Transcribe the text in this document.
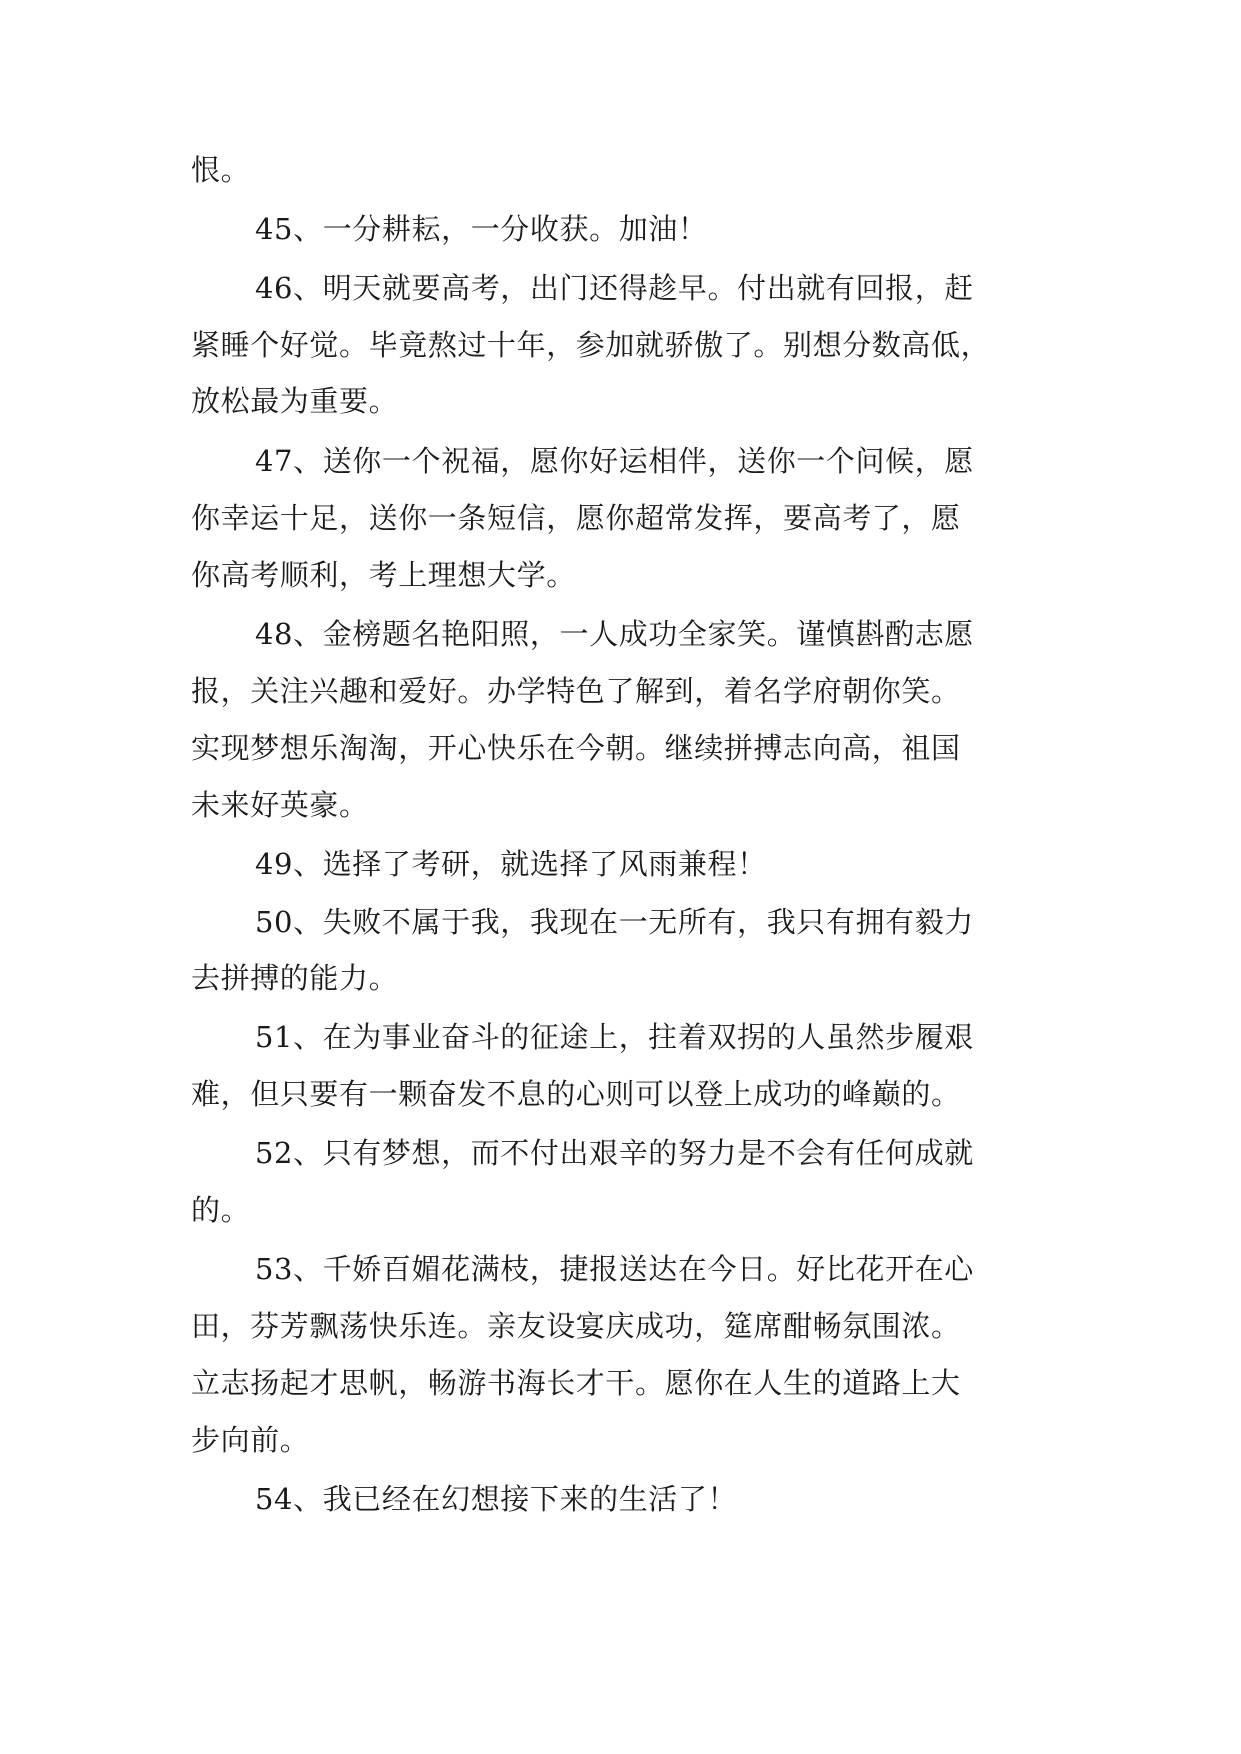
恨。
45、一分耕耘，一分收获。加油！
46、明天就要高考，出门还得趁早。付出就有回报，赶
紧睡个好觉。毕竟熬过十年，参加就骄傲了。别想分数高低，
放松最为重要。
47、送你一个祝福，愿你好运相伴，送你一个问候，愿
你幸运十足，送你一条短信，愿你超常发挥，要高考了，愿
你高考顺利，考上理想大学。
48、金榜题名艳阳照，一人成功全家笑。谨慎斟酌志愿
报，关注兴趣和爱好。办学特色了解到，着名学府朝你笑。
实现梦想乐淘淘，开心快乐在今朝。继续拼搏志向高，祖国
未来好英豪。
49、选择了考研，就选择了风雨兼程！
50、失败不属于我，我现在一无所有，我只有拥有毅力
去拼搏的能力。
51、在为事业奋斗的征途上，拄着双拐的人虽然步履艰
难，但只要有一颗奋发不息的心则可以登上成功的峰巅的。
52、只有梦想，而不付出艰辛的努力是不会有任何成就
的。
53、千娇百媚花满枝，捷报送达在今日。好比花开在心
田，芬芳飘荡快乐连。亲友设宴庆成功，筵席酣畅氛围浓。
立志扬起才思帆，畅游书海长才干。愿你在人生的道路上大
步向前。
54、我已经在幻想接下来的生活了！
